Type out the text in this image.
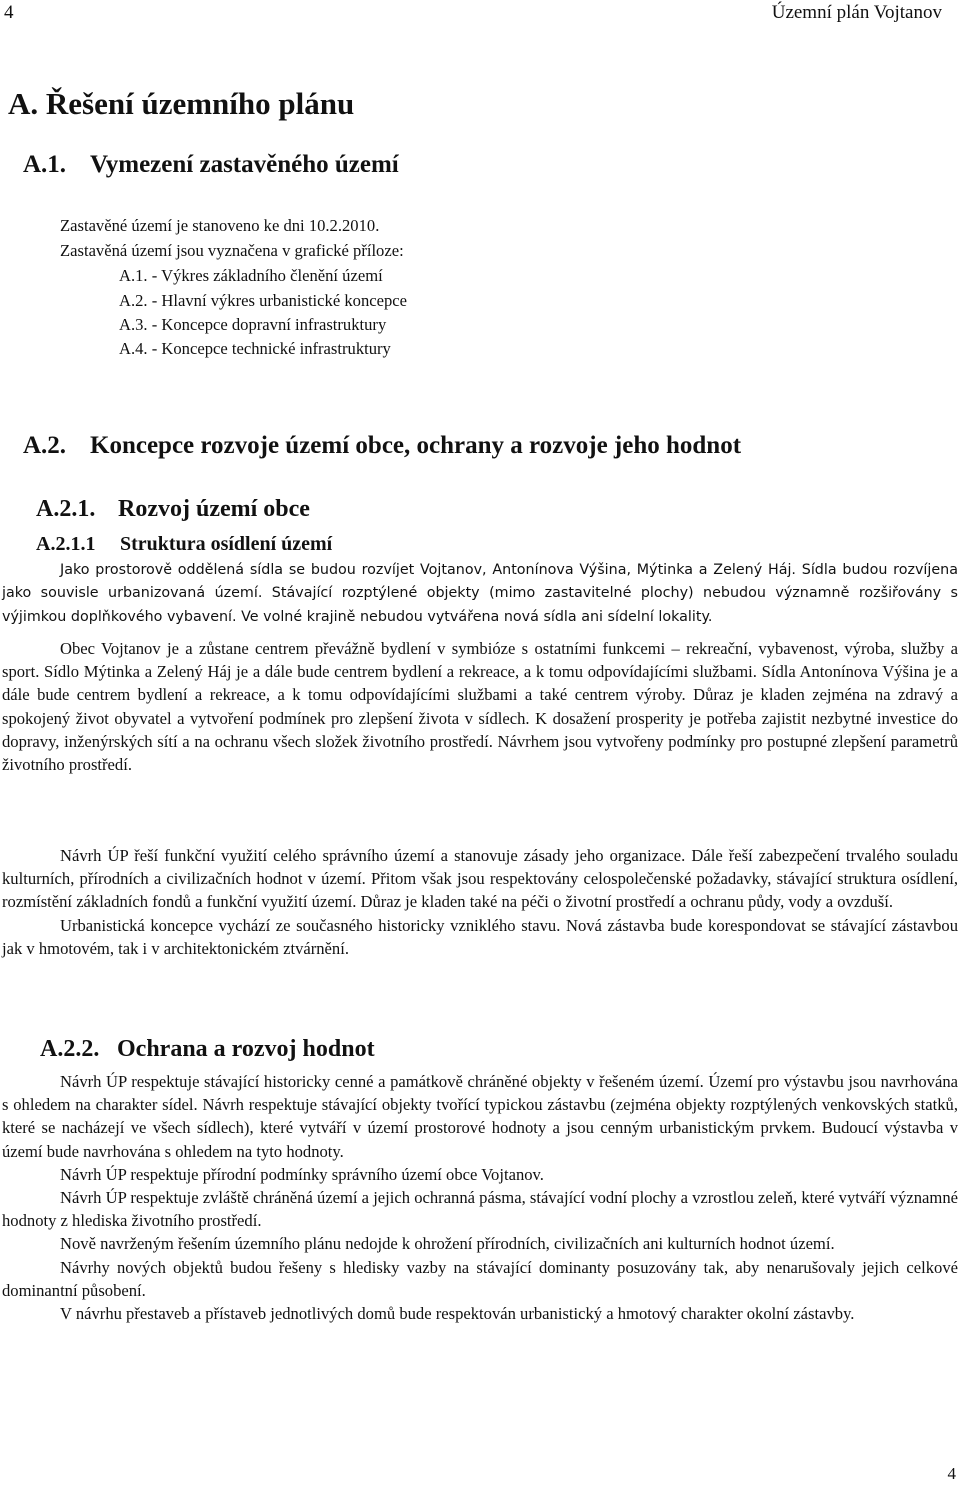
4	Územní plán Vojtanov
A. Řešení územního plánu
A.1. Vymezení zastavěného území
Zastavěné území je stanoveno ke dni 10.2.2010.
Zastavěná území jsou vyznačena v grafické příloze:
A.1. - Výkres základního členění území
A.2. - Hlavní výkres urbanistické koncepce
A.3. - Koncepce dopravní infrastruktury
A.4. - Koncepce technické infrastruktury
A.2. Koncepce rozvoje území obce, ochrany a rozvoje jeho hodnot
A.2.1. Rozvoj území obce
A.2.1.1 Struktura osídlení území

Jako prostorově oddělená sídla se budou rozvíjet Vojtanov, Antonínova Výšina, Mýtinka a Zelený Háj. Sídla budou rozvíjena jako souvisle urbanizovaná území. Stávající rozptýlené objekty (mimo zastavitelné plochy) nebudou významně rozšiřovány s výjimkou doplňkového vybavení. Ve volné krajině nebudou vytvářena nová sídla ani sídelní lokality.

Obec Vojtanov je a zůstane centrem převážně bydlení v symbióze s ostatními funkcemi – rekreační, vybavenost, výroba, služby a sport. Sídlo Mýtinka a Zelený Háj je a dále bude centrem bydlení a rekreace, a k tomu odpovídajícími službami. Sídla Antonínova Výšina je a dále bude centrem bydlení a rekreace, a k tomu odpovídajícími službami a také centrem výroby. Důraz je kladen zejména na zdravý a spokojený život obyvatel a vytvoření podmínek pro zlepšení života v sídlech. K dosažení prosperity je potřeba zajistit nezbytné investice do dopravy, inženýrských sítí a na ochranu všech složek životního prostředí. Návrhem jsou vytvořeny podmínky pro postupné zlepšení parametrů životního prostředí.

Návrh ÚP řeší funkční využití celého správního území a stanovuje zásady jeho organizace. Dále řeší zabezpečení trvalého souladu kulturních, přírodních a civilizačních hodnot v území. Přitom však jsou respektovány celospolečenské požadavky, stávající struktura osídlení, rozmístění základních fondů a funkční využití území. Důraz je kladen také na péči o životní prostředí a ochranu půdy, vody a ovzduší.

Urbanistická koncepce vychází ze současného historicky vzniklého stavu. Nová zástavba bude korespondovat se stávající zástavbou jak v hmotovém, tak i v architektonickém ztvárnění.

A.2.2. Ochrana a rozvoj hodnot

Návrh ÚP respektuje stávající historicky cenné a památkově chráněné objekty v řešeném území. Území pro výstavbu jsou navrhována s ohledem na charakter sídel. Návrh respektuje stávající objekty tvořící typickou zástavbu (zejména objekty rozptýlených venkovských statků, které se nacházejí ve všech sídlech), které vytváří v území prostorové hodnoty a jsou cenným urbanistickým prvkem. Budoucí výstavba v území bude navrhována s ohledem na tyto hodnoty.

Návrh ÚP respektuje přírodní podmínky správního území obce Vojtanov.

Návrh ÚP respektuje zvláště chráněná území a jejich ochranná pásma, stávající vodní plochy a vzrostlou zeleň, které vytváří významné hodnoty z hlediska životního prostředí.

Nově navrženým řešením územního plánu nedojde k ohrožení přírodních, civilizačních ani kulturních hodnot území.

Návrhy nových objektů budou řešeny s hledisky vazby na stávající dominanty posuzovány tak, aby nenarušovaly jejich celkové dominantní působení.

V návrhu přestaveb a přístaveb jednotlivých domů bude respektován urbanistický a hmotový charakter okolní zástavby.

4
